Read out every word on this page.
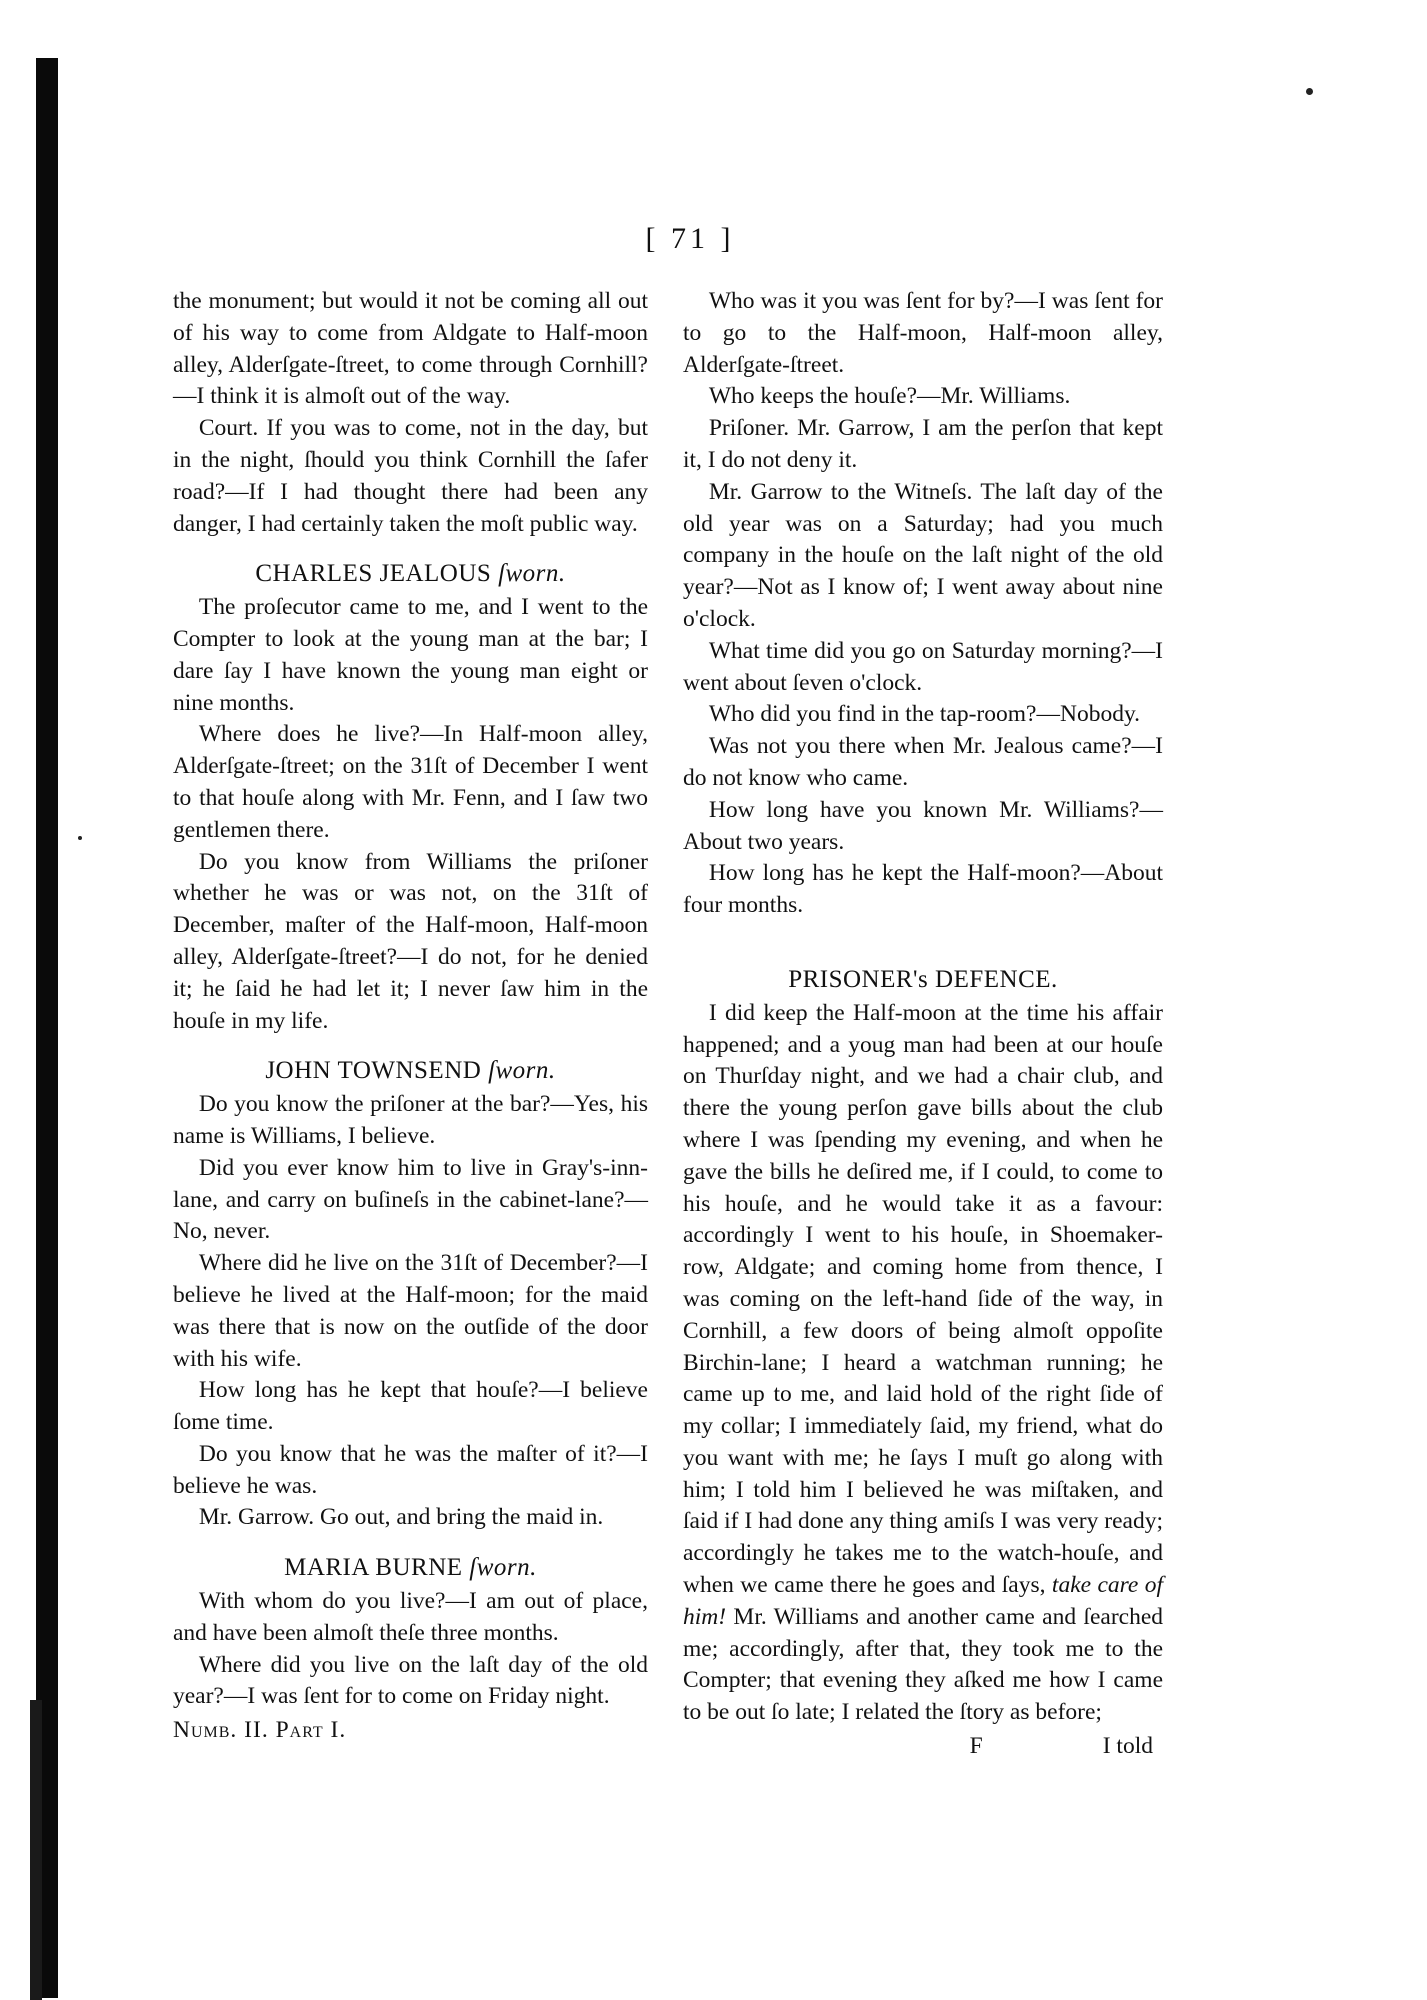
[ 71 ]

the monument; but would it not be coming all out of his way to come from Aldgate to Half-moon alley, Alderſgate-ſtreet, to come through Cornhill?—I think it is almoſt out of the way.

Court. If you was to come, not in the day, but in the night, ſhould you think Cornhill the ſafer road?—If I had thought there had been any danger, I had certainly taken the moſt public way.

CHARLES JEALOUS ſworn.

The proſecutor came to me, and I went to the Compter to look at the young man at the bar; I dare ſay I have known the young man eight or nine months.

Where does he live?—In Half-moon alley, Alderſgate-ſtreet; on the 31ſt of December I went to that houſe along with Mr. Fenn, and I ſaw two gentlemen there.

Do you know from Williams the priſoner whether he was or was not, on the 31ſt of December, maſter of the Half-moon, Half-moon alley, Alderſgate-ſtreet?—I do not, for he denied it; he ſaid he had let it; I never ſaw him in the houſe in my life.

JOHN TOWNSEND ſworn.

Do you know the priſoner at the bar?—Yes, his name is Williams, I believe.

Did you ever know him to live in Gray's-inn-lane, and carry on buſineſs in the cabinet-lane?—No, never.

Where did he live on the 31ſt of December?—I believe he lived at the Half-moon; for the maid was there that is now on the outſide of the door with his wife.

How long has he kept that houſe?—I believe ſome time.

Do you know that he was the maſter of it?—I believe he was.

Mr. Garrow. Go out, and bring the maid in.

MARIA BURNE ſworn.

With whom do you live?—I am out of place, and have been almoſt theſe three months.

Where did you live on the laſt day of the old year?—I was ſent for to come on Friday night.

Numb. II. Part I.

Who was it you was ſent for by?—I was ſent for to go to the Half-moon, Half-moon alley, Alderſgate-ſtreet.

Who keeps the houſe?—Mr. Williams.

Priſoner. Mr. Garrow, I am the perſon that kept it, I do not deny it.

Mr. Garrow to the Witneſs. The laſt day of the old year was on a Saturday; had you much company in the houſe on the laſt night of the old year?—Not as I know of; I went away about nine o'clock.

What time did you go on Saturday morning?—I went about ſeven o'clock.

Who did you find in the tap-room?—Nobody.

Was not you there when Mr. Jealous came?—I do not know who came.

How long have you known Mr. Williams?—About two years.

How long has he kept the Half-moon?—About four months.

PRISONER's DEFENCE.

I did keep the Half-moon at the time his affair happened; and a youg man had been at our houſe on Thurſday night, and we had a chair club, and there the young perſon gave bills about the club where I was ſpending my evening, and when he gave the bills he deſired me, if I could, to come to his houſe, and he would take it as a favour: accordingly I went to his houſe, in Shoemaker-row, Aldgate; and coming home from thence, I was coming on the left-hand ſide of the way, in Cornhill, a few doors of being almoſt oppoſite Birchin-lane; I heard a watchman running; he came up to me, and laid hold of the right ſide of my collar; I immediately ſaid, my friend, what do you want with me; he ſays I muſt go along with him; I told him I believed he was miſtaken, and ſaid if I had done any thing amiſs I was very ready; accordingly he takes me to the watch-houſe, and when we came there he goes and ſays, take care of him! Mr. Williams and another came and ſearched me; accordingly, after that, they took me to the Compter; that evening they aſked me how I came to be out ſo late; I related the ſtory as before;

F	I told
